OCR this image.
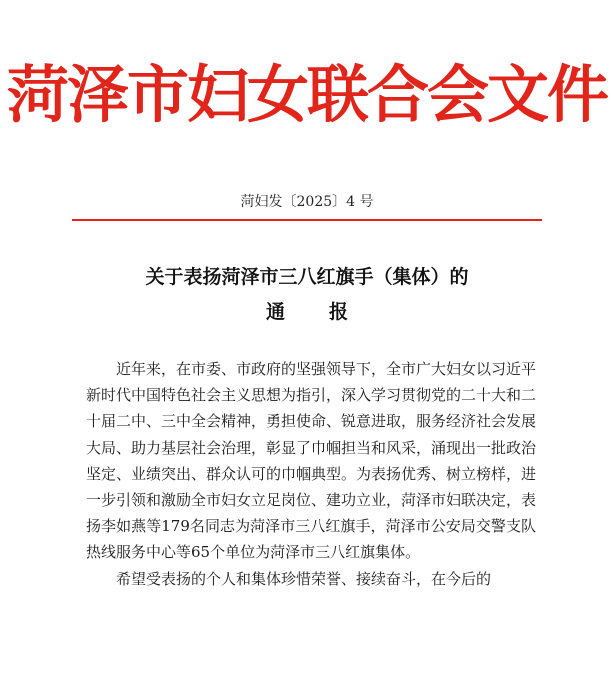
菏泽市妇女联合会文件
菏妇发〔2025〕4 号
关于表扬菏泽市三八红旗手（集体）的
通报

近年来，在市委、市政府的坚强领导下，全市广大妇女以习近平新时代中国特色社会主义思想为指引，深入学习贯彻党的二十大和二十届二中、三中全会精神，勇担使命、锐意进取，服务经济社会发展大局、助力基层社会治理，彰显了巾帼担当和风采，涌现出一批政治坚定、业绩突出、群众认可的巾帼典型。为表扬优秀、树立榜样，进一步引领和激励全市妇女立足岗位、建功立业，菏泽市妇联决定，表扬李如燕等179名同志为菏泽市三八红旗手，菏泽市公安局交警支队热线服务中心等65个单位为菏泽市三八红旗集体。

希望受表扬的个人和集体珍惜荣誉、接续奋斗，在今后的
